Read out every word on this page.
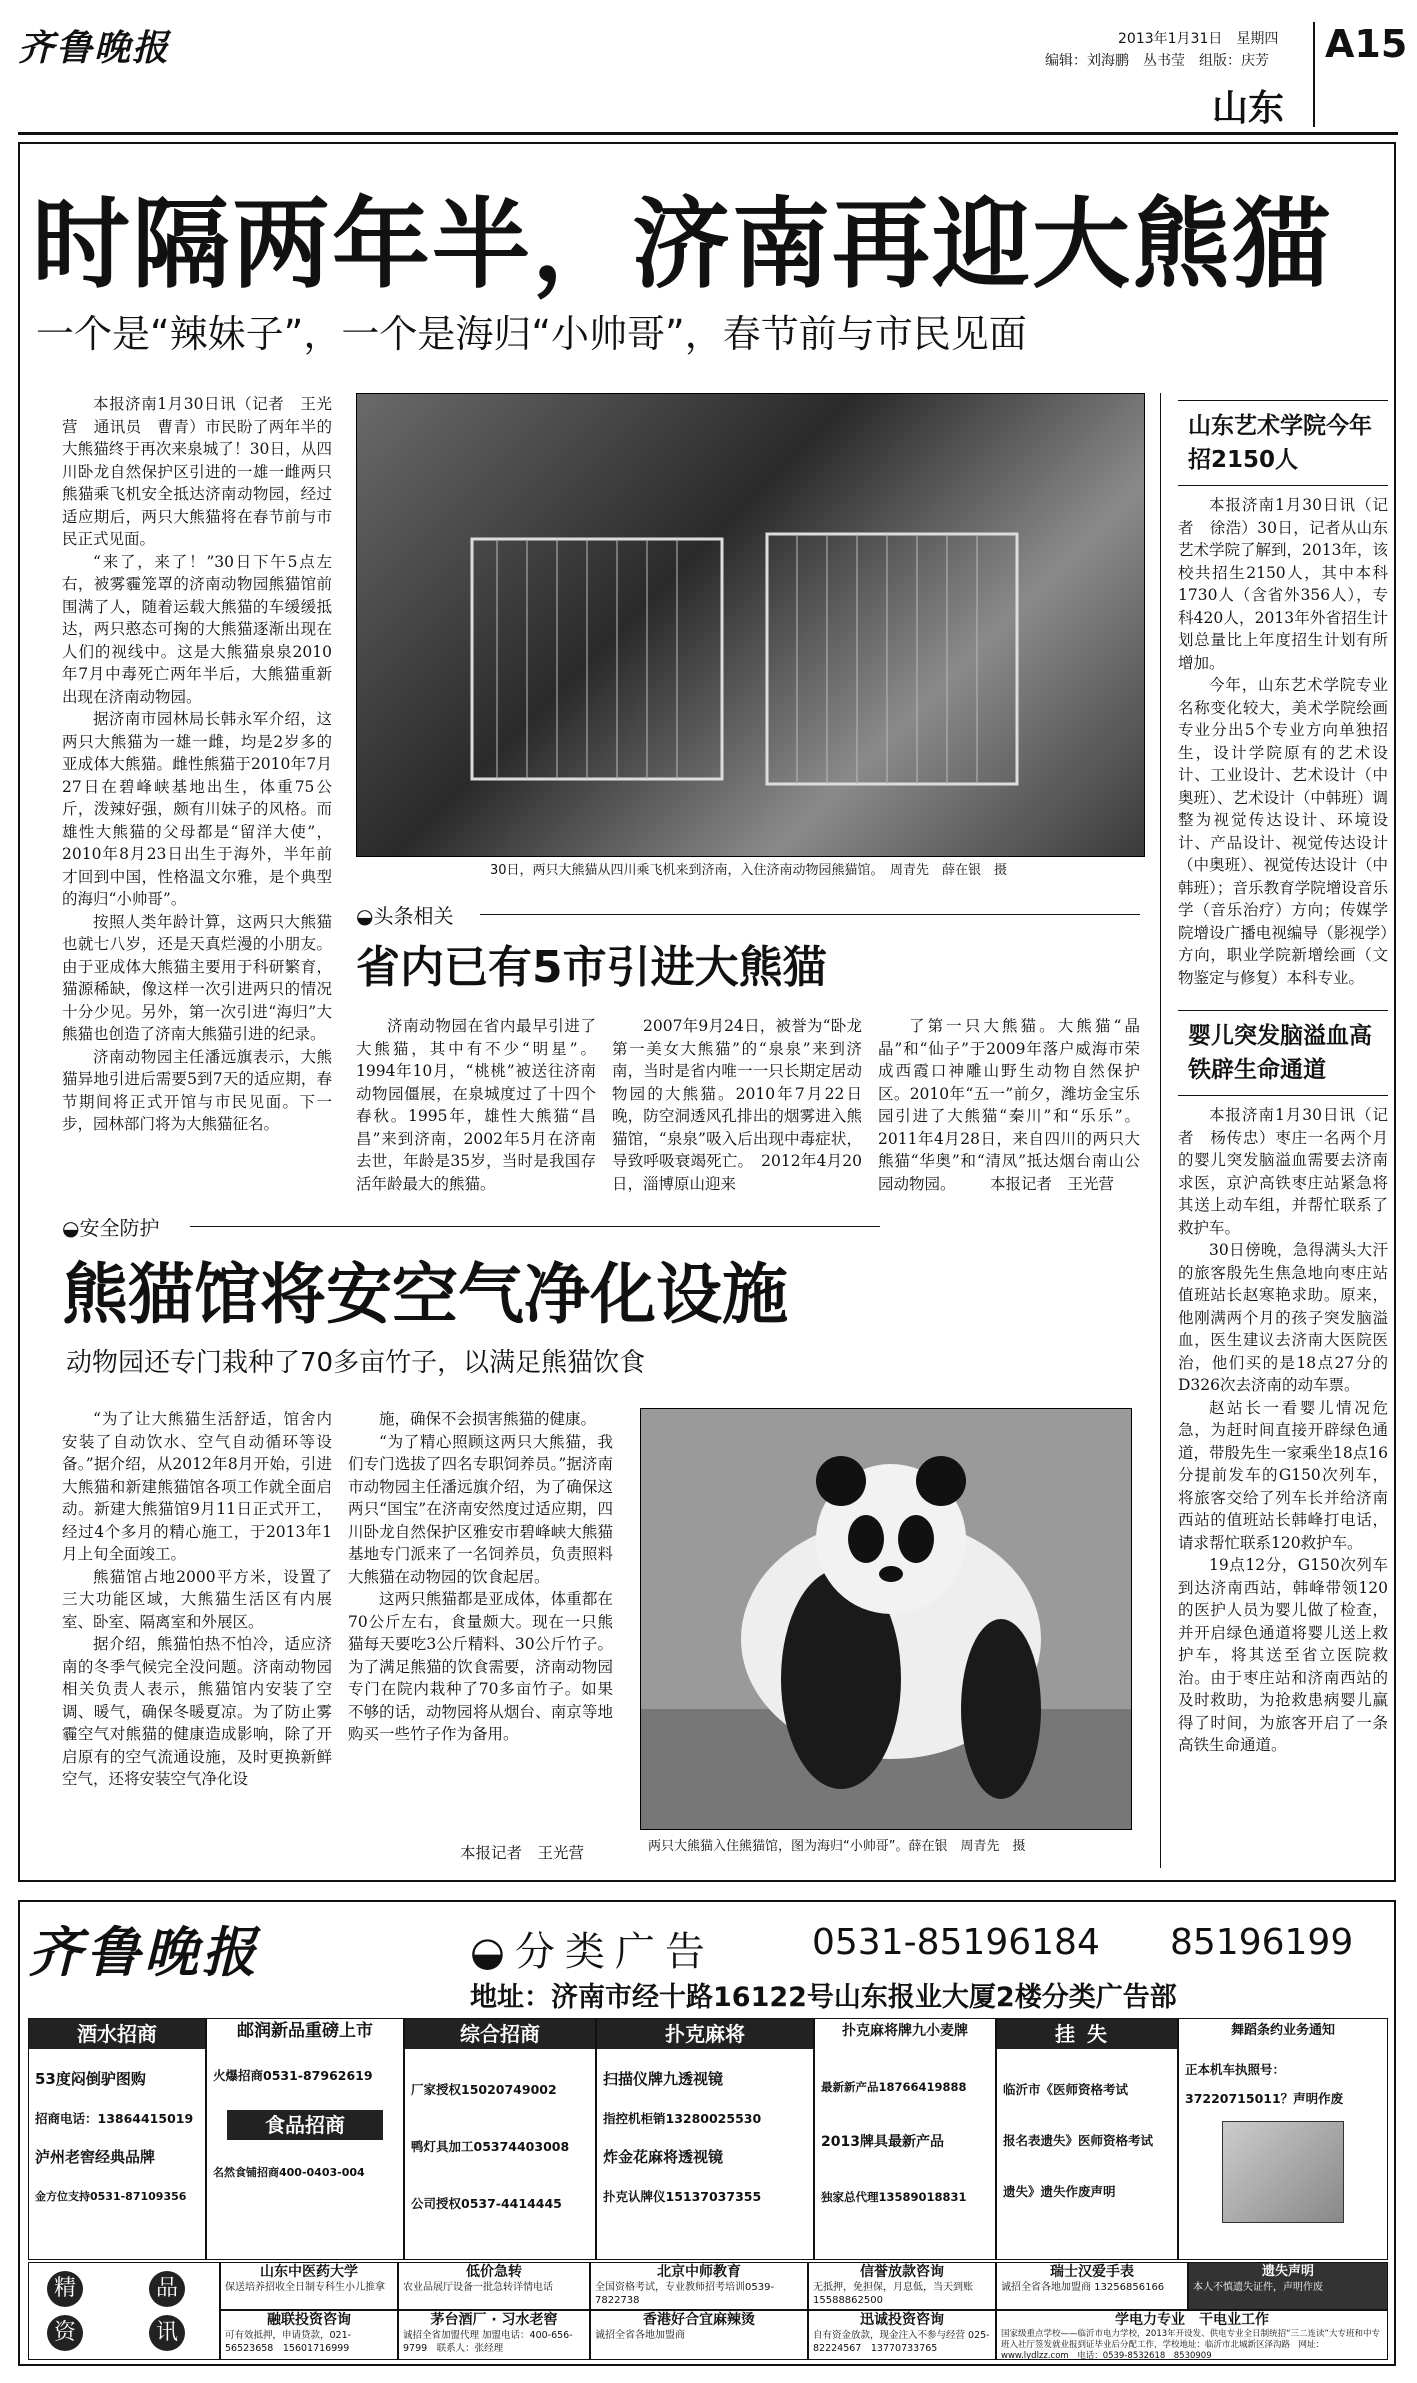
齐鲁晚报	2013年1月31日　星期四
编辑：刘海鹏　丛书莹　组版：庆芳 A15
山东
时隔两年半，济南再迎大熊猫
一个是“辣妹子”，一个是海归“小帅哥”，春节前与市民见面

本报济南1月30日讯（记者　王光营　通讯员　曹青）市民盼了两年半的大熊猫终于再次来泉城了！30日，从四川卧龙自然保护区引进的一雄一雌两只熊猫乘飞机安全抵达济南动物园，经过适应期后，两只大熊猫将在春节前与市民正式见面。

“来了，来了！”30日下午5点左右，被雾霾笼罩的济南动物园熊猫馆前围满了人，随着运载大熊猫的车缓缓抵达，两只憨态可掬的大熊猫逐渐出现在人们的视线中。这是大熊猫泉泉2010年7月中毒死亡两年半后，大熊猫重新出现在济南动物园。

据济南市园林局长韩永军介绍，这两只大熊猫为一雄一雌，均是2岁多的亚成体大熊猫。雌性熊猫于2010年7月27日在碧峰峡基地出生，体重75公斤，泼辣好强，颇有川妹子的风格。而雄性大熊猫的父母都是“留洋大使”，2010年8月23日出生于海外，半年前才回到中国，性格温文尔雅，是个典型的海归“小帅哥”。

按照人类年龄计算，这两只大熊猫也就七八岁，还是天真烂漫的小朋友。由于亚成体大熊猫主要用于科研繁育，猫源稀缺，像这样一次引进两只的情况十分少见。另外，第一次引进“海归”大熊猫也创造了济南大熊猫引进的纪录。

济南动物园主任潘远旗表示，大熊猫异地引进后需要5到7天的适应期，春节期间将正式开馆与市民见面。下一步，园林部门将为大熊猫征名。

30日，两只大熊猫从四川乘飞机来到济南，入住济南动物园熊猫馆。　周青先　薛在银　摄
◒头条相关
省内已有5市引进大熊猫

济南动物园在省内最早引进了大熊猫，其中有不少“明星”。1994年10月，“桃桃”被送往济南动物园僵展，在泉城度过了十四个春秋。1995年，雄性大熊猫“昌昌”来到济南，2002年5月在济南去世，年龄是35岁，当时是我国存活年龄最大的熊猫。

2007年9月24日，被誉为“卧龙第一美女大熊猫”的“泉泉”来到济南，当时是省内唯一一只长期定居动物园的大熊猫。2010年7月22日晚，防空洞透风孔排出的烟雾进入熊猫馆，“泉泉”吸入后出现中毒症状，导致呼吸衰竭死亡。　2012年4月20日，淄博原山迎来

了第一只大熊猫。大熊猫“晶晶”和“仙子”于2009年落户威海市荣成西霞口神雕山野生动物自然保护区。2010年“五一”前夕，潍坊金宝乐园引进了大熊猫“秦川”和“乐乐”。2011年4月28日，来自四川的两只大熊猫“华奥”和“清凤”抵达烟台南山公园动物园。	本报记者　王光营
◒安全防护
熊猫馆将安空气净化设施
动物园还专门栽种了70多亩竹子，以满足熊猫饮食

“为了让大熊猫生活舒适，馆舍内安装了自动饮水、空气自动循环等设备。”据介绍，从2012年8月开始，引进大熊猫和新建熊猫馆各项工作就全面启动。新建大熊猫馆9月11日正式开工，经过4个多月的精心施工，于2013年1月上旬全面竣工。

熊猫馆占地2000平方米，设置了三大功能区域，大熊猫生活区有内展室、卧室、隔离室和外展区。

据介绍，熊猫怕热不怕冷，适应济南的冬季气候完全没问题。济南动物园相关负责人表示，熊猫馆内安装了空调、暖气，确保冬暖夏凉。为了防止雾霾空气对熊猫的健康造成影响，除了开启原有的空气流通设施，及时更换新鲜空气，还将安装空气净化设

施，确保不会损害熊猫的健康。

“为了精心照顾这两只大熊猫，我们专门选拔了四名专职饲养员。”据济南市动物园主任潘远旗介绍，为了确保这两只“国宝”在济南安然度过适应期，四川卧龙自然保护区雅安市碧峰峡大熊猫基地专门派来了一名饲养员，负责照料大熊猫在动物园的饮食起居。

这两只熊猫都是亚成体，体重都在70公斤左右，食量颇大。现在一只熊猫每天要吃3公斤精料、30公斤竹子。为了满足熊猫的饮食需要，济南动物园专门在院内栽种了70多亩竹子。如果不够的话，动物园将从烟台、南京等地购买一些竹子作为备用。

本报记者　王光营	两只大熊猫入住熊猫馆，图为海归“小帅哥”。薛在银　周青先　摄
山东艺术学院今年招2150人

本报济南1月30日讯（记者　徐浩）30日，记者从山东艺术学院了解到，2013年，该校共招生2150人，其中本科1730人（含省外356人），专科420人，2013年外省招生计划总量比上年度招生计划有所增加。

今年，山东艺术学院专业名称变化较大，美术学院绘画专业分出5个专业方向单独招生，设计学院原有的艺术设计、工业设计、艺术设计（中奥班）、艺术设计（中韩班）调整为视觉传达设计、环境设计、产品设计、视觉传达设计（中奥班）、视觉传达设计（中韩班）；音乐教育学院增设音乐学（音乐治疗）方向；传媒学院增设广播电视编导（影视学）方向，职业学院新增绘画（文物鉴定与修复）本科专业。

婴儿突发脑溢血高铁辟生命通道

本报济南1月30日讯（记者　杨传忠）枣庄一名两个月的婴儿突发脑溢血需要去济南求医，京沪高铁枣庄站紧急将其送上动车组，并帮忙联系了救护车。

30日傍晚，急得满头大汗的旅客殷先生焦急地向枣庄站值班站长赵寒艳求助。原来，他刚满两个月的孩子突发脑溢血，医生建议去济南大医院医治，他们买的是18点27分的D326次去济南的动车票。

赵站长一看婴儿情况危急，为赶时间直接开辟绿色通道，带殷先生一家乘坐18点16分提前发车的G150次列车，将旅客交给了列车长并给济南西站的值班站长韩峰打电话，请求帮忙联系120救护车。

19点12分，G150次列车到达济南西站，韩峰带领120的医护人员为婴儿做了检查，并开启绿色通道将婴儿送上救护车，将其送至省立医院救治。由于枣庄站和济南西站的及时救助，为抢救患病婴儿赢得了时间，为旅客开启了一条高铁生命通道。

齐鲁晚报	◒分类广告	0531-85196184 85196199
地址：济南市经十路16122号山东报业大厦2楼分类广告部
酒水招商
53度闷倒驴图购
招商电话：13864415019
泸州老窖经典品牌
金方位支持0531-87109356
邮润新品重磅上市
火爆招商0531-87962619
食品招商
名然食铺招商400-0403-004
综合招商
厂家授权15020749002
鸭灯具加工05374403008
公司授权0537-4414445
扑克麻将
扫描仪牌九透视镜
指控机柜销13280025530
炸金花麻将透视镜
扑克认牌仪15137037355
扑克麻将牌九小麦牌
最新新产品18766419888
2013牌具最新产品
独家总代理13589018831
挂失
临沂市《医师资格考试
报名表遗失》医师资格考试
遗失》遗失作废声明
舞蹈条约业务通知
正本机车执照号：
37220715011？声明作废
精	品
资	讯
山东中医药大学
保送培养招收全日制专科生小儿推拿
低价急转
农业品展厅设备一批急转详情电话
北京中师教育
全国资格考试，专业教师招考培训0539-7822738
信誉放款咨询
无抵押，免担保，月息低，当天到账 15588862500
瑞士汉爱手表
诚招全省各地加盟商 13256856166
遗失声明
本人不慎遗失证件，声明作废
融联投资咨询
可有效抵押，申请贷款，021-56523658　15601716999
茅台酒厂 · 习水老窖
诚招全省加盟代理 加盟电话：400-656-9799　联系人：张经理
香港好合宜麻辣烫
诚招全省各地加盟商
迅诚投资咨询
自有资金放款，现金注入不参与经营 025-82224567　13770733765
学电力专业　干电业工作
国家级重点学校——临沂市电力学校，2013年开设发、供电专业全日制统招“三二连读”大专班和中专班入社厅签发就业报到证毕业后分配工作，学校地址：临沂市北城新区泽沟路　网址：www.lydlzz.com　电话：0539-8532618　8530909
